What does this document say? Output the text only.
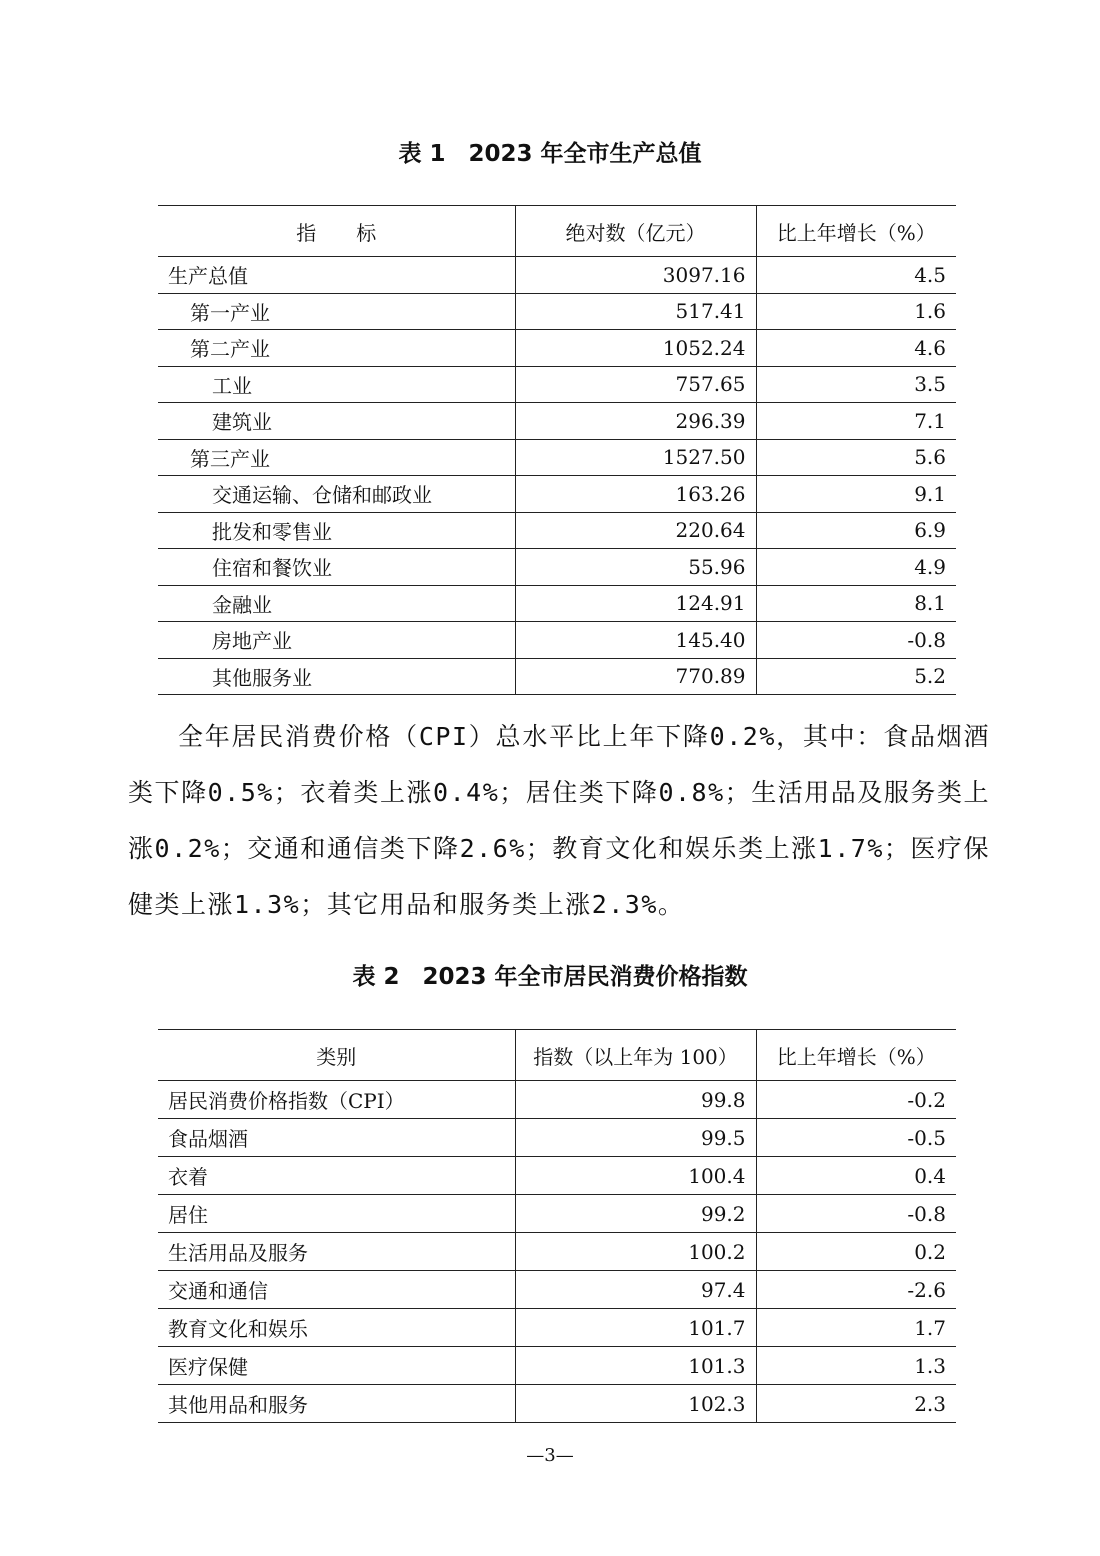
表 1　2023 年全市生产总值
指　　标	绝对数（亿元）	比上年增长（%）
生产总值	3097.16	4.5
第一产业	517.41	1.6
第二产业	1052.24	4.6
工业	757.65	3.5
建筑业	296.39	7.1
第三产业	1527.50	5.6
交通运输、仓储和邮政业	163.26	9.1
批发和零售业	220.64	6.9
住宿和餐饮业	55.96	4.9
金融业	124.91	8.1
房地产业	145.40	-0.8
其他服务业	770.89	5.2

全年居民消费价格（CPI）总水平比上年下降0.2%，其中：食品烟酒类下降0.5%；衣着类上涨0.4%；居住类下降0.8%；生活用品及服务类上涨0.2%；交通和通信类下降2.6%；教育文化和娱乐类上涨1.7%；医疗保健类上涨1.3%；其它用品和服务类上涨2.3%。

表 2　2023 年全市居民消费价格指数
类别	指数（以上年为 100）	比上年增长（%）
居民消费价格指数（CPI）	99.8	-0.2
食品烟酒	99.5	-0.5
衣着	100.4	0.4
居住	99.2	-0.8
生活用品及服务	100.2	0.2
交通和通信	97.4	-2.6
教育文化和娱乐	101.7	1.7
医疗保健	101.3	1.3
其他用品和服务	102.3	2.3

—3—
